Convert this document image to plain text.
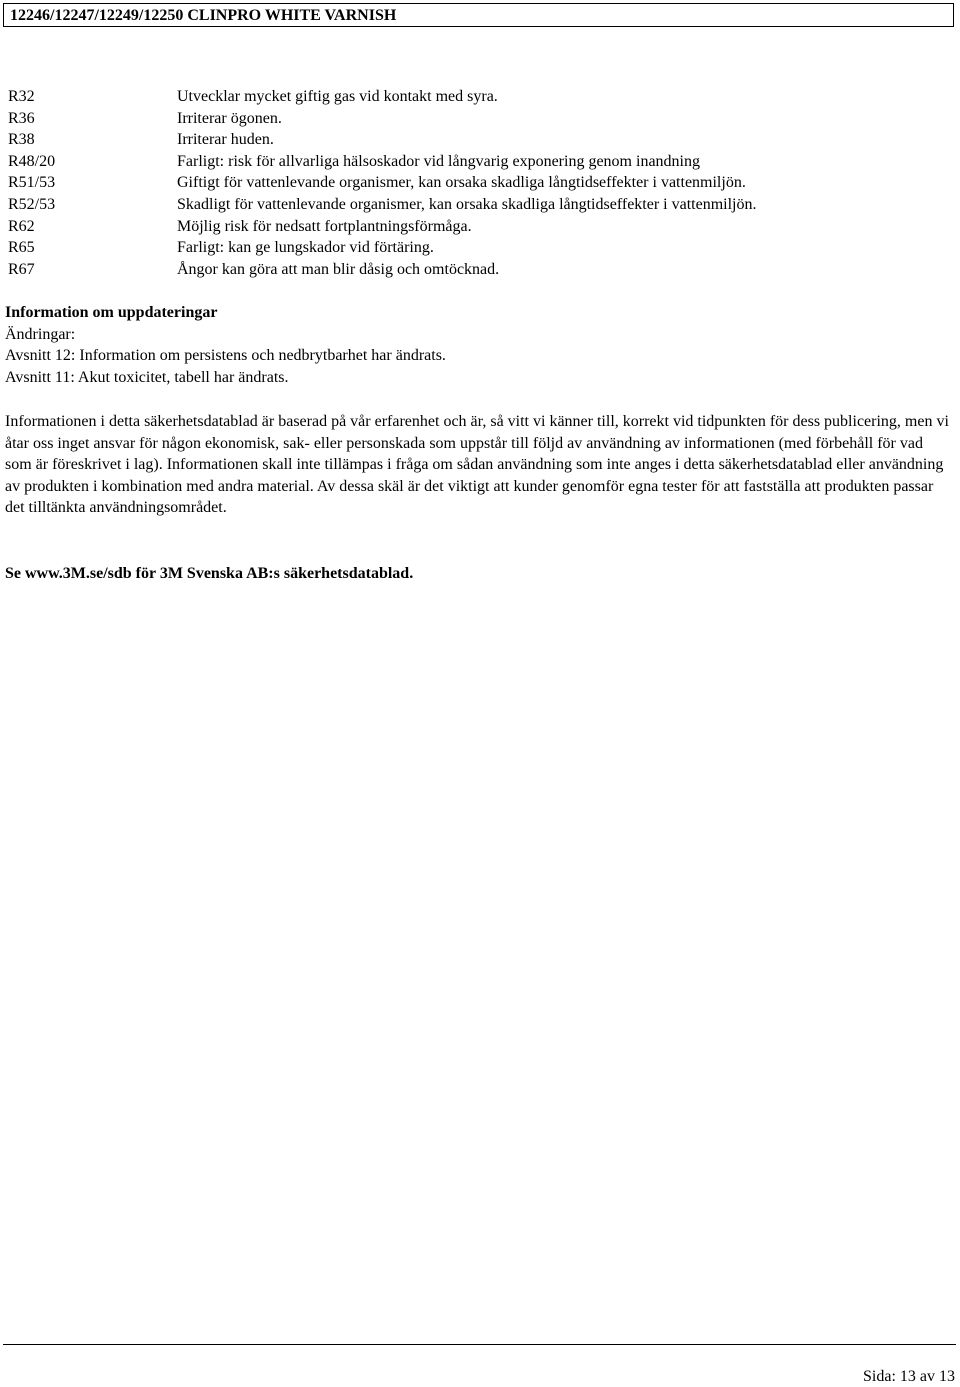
12246/12247/12249/12250 CLINPRO WHITE VARNISH
R32	Utvecklar mycket giftig gas vid kontakt med syra.
R36	Irriterar ögonen.
R38	Irriterar huden.
R48/20	Farligt: risk för allvarliga hälsoskador vid långvarig exponering genom inandning
R51/53	Giftigt för vattenlevande organismer, kan orsaka skadliga långtidseffekter i vattenmiljön.
R52/53	Skadligt för vattenlevande organismer, kan orsaka skadliga långtidseffekter i vattenmiljön.
R62	Möjlig risk för nedsatt fortplantningsförmåga.
R65	Farligt: kan ge lungskador vid förtäring.
R67	Ångor kan göra att man blir dåsig och omtöcknad.
Information om uppdateringar
Ändringar:
Avsnitt 12: Information om persistens och nedbrytbarhet har ändrats.
Avsnitt 11: Akut toxicitet, tabell har ändrats.
Informationen i detta säkerhetsdatablad är baserad på vår erfarenhet och är, så vitt vi känner till, korrekt vid tidpunkten för dess publicering, men vi åtar oss inget ansvar för någon ekonomisk, sak- eller personskada som uppstår till följd av användning av informationen (med förbehåll för vad som är föreskrivet i lag). Informationen skall inte tillämpas i fråga om sådan användning som inte anges i detta säkerhetsdatablad eller användning av produkten i kombination med andra material. Av dessa skäl är det viktigt att kunder genomför egna tester för att fastställa att produkten passar det tilltänkta användningsområdet.
Se www.3M.se/sdb för 3M Svenska AB:s säkerhetsdatablad.
Sida: 13 av 13
